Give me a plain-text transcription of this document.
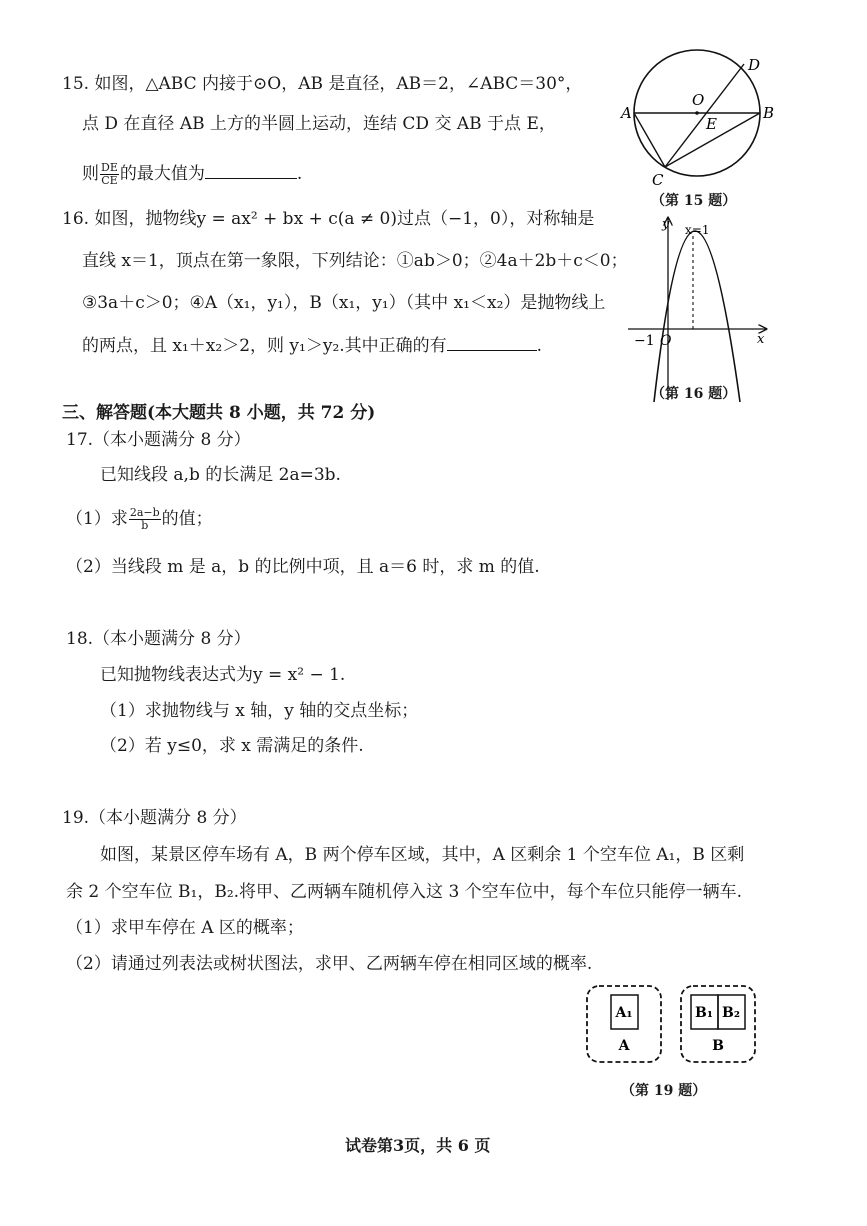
15. 如图，△ABC 内接于⊙O，AB 是直径，AB＝2，∠ABC＝30°，
点 D 在直径 AB 上方的半圆上运动，连结 CD 交 AB 于点 E，
则 $\frac{DE}{CE}$ 的最大值为	.
A	B
C
D
O
E
（第 15 题）
16. 如图，抛物线y = ax² + bx + c(a ≠ 0)过点（−1，0），对称轴是
直线 x＝1，顶点在第一象限，下列结论：①ab＞0；②4a＋2b＋c＜0；
③3a＋c＞0；④A（x₁，y₁），B（x₁，y₁）（其中 x₁＜x₂）是抛物线上
的两点，且 x₁＋x₂＞2，则 y₁＞y₂.其中正确的有	.
y
x
x=1
−1 O
（第 16 题）
三、解答题(本大题共 8 小题，共 72 分)
17.（本小题满分 8 分）
已知线段 a,b 的长满足 2a=3b.
（1）求 $\frac{2a-b}{b}$ 的值；
（2）当线段 m 是 a，b 的比例中项，且 a＝6 时，求 m 的值.
18.（本小题满分 8 分）
已知抛物线表达式为y = x² − 1.
（1）求抛物线与 x 轴，y 轴的交点坐标；
（2）若 y≤0，求 x 需满足的条件.
19.（本小题满分 8 分）
如图，某景区停车场有 A，B 两个停车区域，其中，A 区剩余 1 个空车位 A₁，B 区剩
余 2 个空车位 B₁，B₂.将甲、乙两辆车随机停入这 3 个空车位中，每个车位只能停一辆车.
（1）求甲车停在 A 区的概率；
（2）请通过列表法或树状图法，求甲、乙两辆车停在相同区域的概率.
A₁
A
B₁ B₂
B
（第 19 题）
试卷第3页，共 6 页
